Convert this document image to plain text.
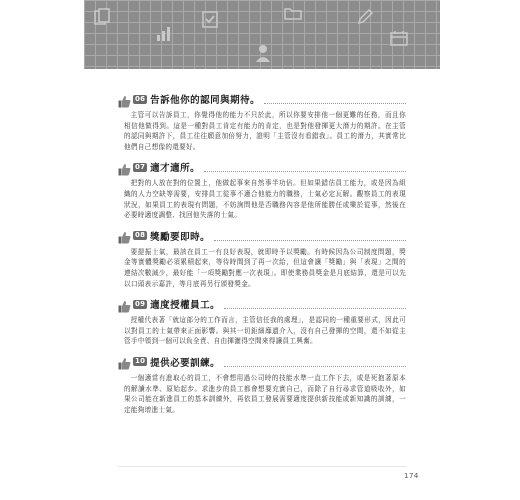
06 告訴他你的認同與期待。

主管可以告訴員工，你覺得他的能力不只於此，所以你要安排他一個更難的任務，而且你相信他做得到。這是一種對員工肯定有能力的肯定，也是對他發揮更大潛力的期許。在主管的認同與期許下，員工往往願意加倍努力，證明「主管沒有看錯我」。員工的潛力，其實常比他們自己想像的還要好。

07 適才適所。

把對的人放在對的位置上，他做起事來自然事半功倍。但如果錯估員工能力，或是因為組織的人力空缺等需要，安排員工從事不適合他能力的職務，士氣必定瓦解。觀察員工的表現狀況，如果員工的表現有問題，不妨詢問他是否職務內容是他所能勝任或樂於從事，然後在必要時適度調整、找回他失落的士氣。

08 獎勵要即時。

要提振士氣，最該在員工一有良好表現，就即時予以獎勵。有時候因為公司制度問題，獎金等實體獎勵必須累積起來，等待時間到了再一次給，但這會讓「獎勵」與「表現」之間的連結次數減少，最好能「一項獎勵對應一次表現」。即使業務員獎金是月底結算，還是可以先以口頭表示嘉許，等月底再另行頒發獎金。

09 適度授權員工。

授權代表著「就這部分的工作而言，主管信任我的處理」，是認同的一種重要形式，因此可以對員工的士氣帶來正面影響。與其一切鉅細靡遺介入，沒有自己發揮的空間，還不如從主管手中領到一個可以負全責、自由揮灑得空間來得讓員工興奮。

10 提供必要訓練。

一個適當有進取心的員工，不會想用過公司時的技能水準一直工作下去，或是死抱著原本的解讀水準、原始起步。求進步的員工都會想要充實自己，而除了自行尋求管道吸收外，如果公司能在新進員工的基本訓練外，再依員工發展需要適度提供新技能或新知識的訓練，一定能夠增進士氣。

174
